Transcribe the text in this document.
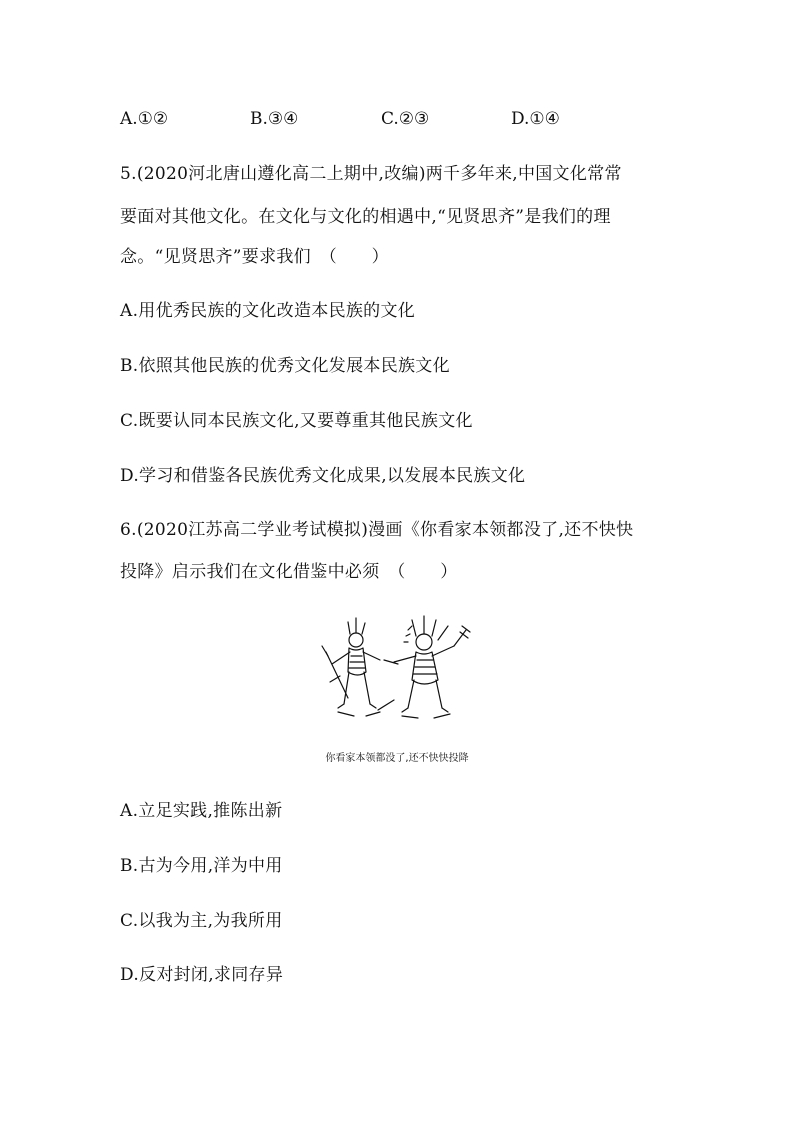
A.①②	B.③④	C.②③	D.①④
5.(2020河北唐山遵化高二上期中,改编)两千多年来,中国文化常常
要面对其他文化。在文化与文化的相遇中,“见贤思齐”是我们的理
念。“见贤思齐”要求我们　（　　）
A.用优秀民族的文化改造本民族的文化
B.依照其他民族的优秀文化发展本民族文化
C.既要认同本民族文化,又要尊重其他民族文化
D.学习和借鉴各民族优秀文化成果,以发展本民族文化
6.(2020江苏高二学业考试模拟)漫画《你看家本领都没了,还不快快
投降》启示我们在文化借鉴中必须　（　　）
你看家本领都没了,还不快快投降
A.立足实践,推陈出新
B.古为今用,洋为中用
C.以我为主,为我所用
D.反对封闭,求同存异
